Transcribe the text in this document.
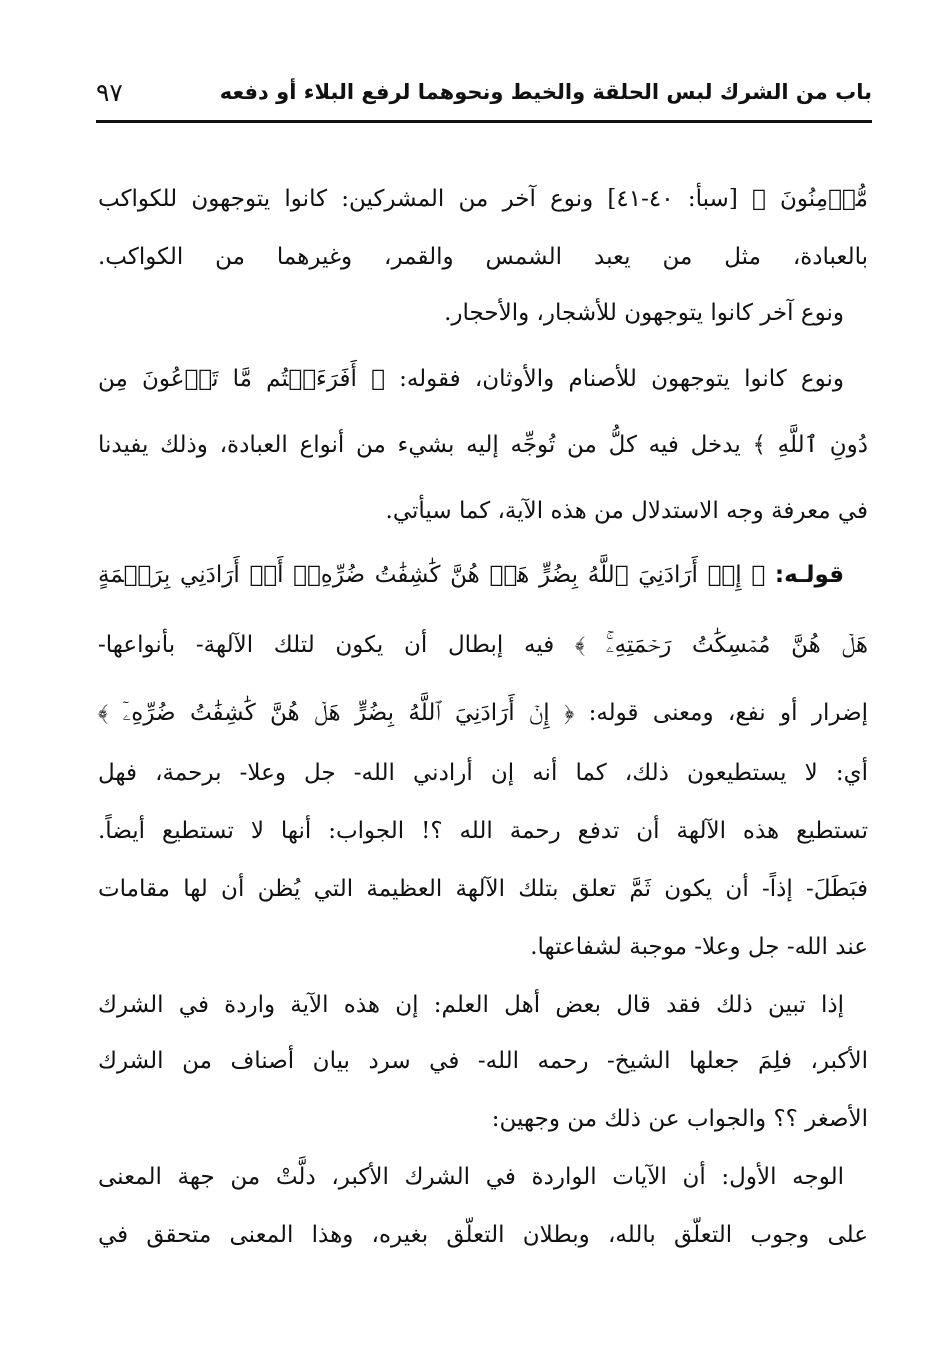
باب من الشرك لبس الحلقة والخيط ونحوهما لرفع البلاء أو دفعه
٩٧
مُّؤۡمِنُونَ ﴾ [سبأ: ٤٠-٤١] ونوع آخر من المشركين: كانوا يتوجهون للكواكب
بالعبادة، مثل من يعبد الشمس والقمر، وغيرهما من الكواكب.
ونوع آخر كانوا يتوجهون للأشجار، والأحجار.
ونوع كانوا يتوجهون للأصنام والأوثان، فقوله: ﴿ أَفَرَءَيۡتُم مَّا تَدۡعُونَ مِن
دُونِ ٱللَّهِ ﴾ يدخل فيه كلُّ من تُوجِّه إليه بشيء من أنواع العبادة، وذلك يفيدنا
في معرفة وجه الاستدلال من هذه الآية، كما سيأتي.
قولـه: ﴿ إِنۡ أَرَادَنِيَ ٱللَّهُ بِضُرٍّ هَلۡ هُنَّ كَٰشِفَٰتُ ضُرِّهِۦٓ أَوۡ أَرَادَنِي بِرَحۡمَةٍ
هَلۡ هُنَّ مُمۡسِكَٰتُ رَحۡمَتِهِۦۚ ﴾ فيه إبطال أن يكون لتلك الآلهة- بأنواعها-
إضرار أو نفع، ومعنى قوله: ﴿ إِنۡ أَرَادَنِيَ ٱللَّهُ بِضُرٍّ هَلۡ هُنَّ كَٰشِفَٰتُ ضُرِّهِۦٓ ﴾
أي: لا يستطيعون ذلك، كما أنه إن أرادني الله- جل وعلا- برحمة، فهل
تستطيع هذه الآلهة أن تدفع رحمة الله ؟! الجواب: أنها لا تستطيع أيضاً.
فبَطَلَ- إذاً- أن يكون ثَمَّ تعلق بتلك الآلهة العظيمة التي يُظن أن لها مقامات
عند الله- جل وعلا- موجبة لشفاعتها.
إذا تبين ذلك فقد قال بعض أهل العلم: إن هذه الآية واردة في الشرك
الأكبر، فلِمَ جعلها الشيخ- رحمه الله- في سرد بيان أصناف من الشرك
الأصغر ؟؟ والجواب عن ذلك من وجهين:
الوجه الأول: أن الآيات الواردة في الشرك الأكبر، دلَّتْ من جهة المعنى
على وجوب التعلّق بالله، وبطلان التعلّق بغيره، وهذا المعنى متحقق في
